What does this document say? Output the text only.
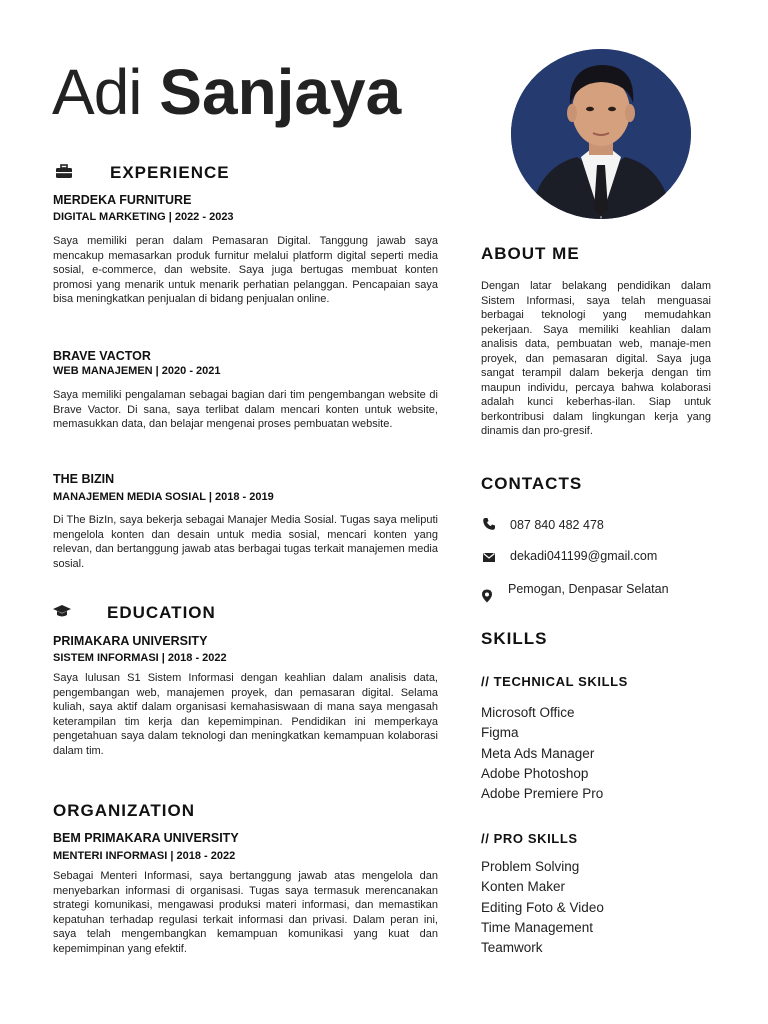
Adi Sanjaya
EXPERIENCE
MERDEKA FURNITURE
DIGITAL MARKETING | 2022 - 2023
Saya memiliki peran dalam Pemasaran Digital. Tanggung jawab saya mencakup memasarkan produk furnitur melalui platform digital seperti media sosial, e-commerce, dan website. Saya juga bertugas membuat konten promosi yang menarik untuk menarik perhatian pelanggan. Pencapaian saya bisa meningkatkan penjualan di bidang penjualan online.
BRAVE VACTOR
WEB MANAJEMEN | 2020 - 2021
Saya memiliki pengalaman sebagai bagian dari tim pengembangan website di Brave Vactor. Di sana, saya terlibat dalam mencari konten untuk website, memasukkan data, dan belajar mengenai proses pembuatan website.
THE BIZIN
MANAJEMEN MEDIA SOSIAL | 2018 - 2019
Di The BizIn, saya bekerja sebagai Manajer Media Sosial. Tugas saya meliputi mengelola konten dan desain untuk media sosial, mencari konten yang relevan, dan bertanggung jawab atas berbagai tugas terkait manajemen media sosial.
EDUCATION
PRIMAKARA UNIVERSITY
SISTEM INFORMASI | 2018 - 2022
Saya lulusan S1 Sistem Informasi dengan keahlian dalam analisis data, pengembangan web, manajemen proyek, dan pemasaran digital. Selama kuliah, saya aktif dalam organisasi kemahasiswaan di mana saya mengasah keterampilan tim kerja dan kepemimpinan. Pendidikan ini memperkaya pengetahuan saya dalam teknologi dan meningkatkan kemampuan kolaborasi dalam tim.
ORGANIZATION
BEM PRIMAKARA UNIVERSITY
MENTERI INFORMASI | 2018 - 2022
Sebagai Menteri Informasi, saya bertanggung jawab atas mengelola dan menyebarkan informasi di organisasi. Tugas saya termasuk merencanakan strategi komunikasi, mengawasi produksi materi informasi, dan memastikan kepatuhan terhadap regulasi terkait informasi dan privasi. Dalam peran ini, saya telah mengembangkan kemampuan komunikasi yang kuat dan kepemimpinan yang efektif.
ABOUT ME
Dengan latar belakang pendidikan dalam Sistem Informasi, saya telah menguasai berbagai teknologi yang memudahkan pekerjaan. Saya memiliki keahlian dalam analisis data, pembuatan web, manaje-men proyek, dan pemasaran digital. Saya juga sangat terampil dalam bekerja dengan tim maupun individu, percaya bahwa kolaborasi adalah kunci keberhas-ilan. Siap untuk berkontribusi dalam lingkungan kerja yang dinamis dan pro-gresif.
CONTACTS
087 840 482 478
dekadi041199@gmail.com
Pemogan, Denpasar Selatan
SKILLS
// TECHNICAL SKILLS
Microsoft Office
Figma
Meta Ads Manager
Adobe Photoshop
Adobe Premiere Pro
// PRO SKILLS
Problem Solving
Konten Maker
Editing Foto & Video
Time Management
Teamwork
